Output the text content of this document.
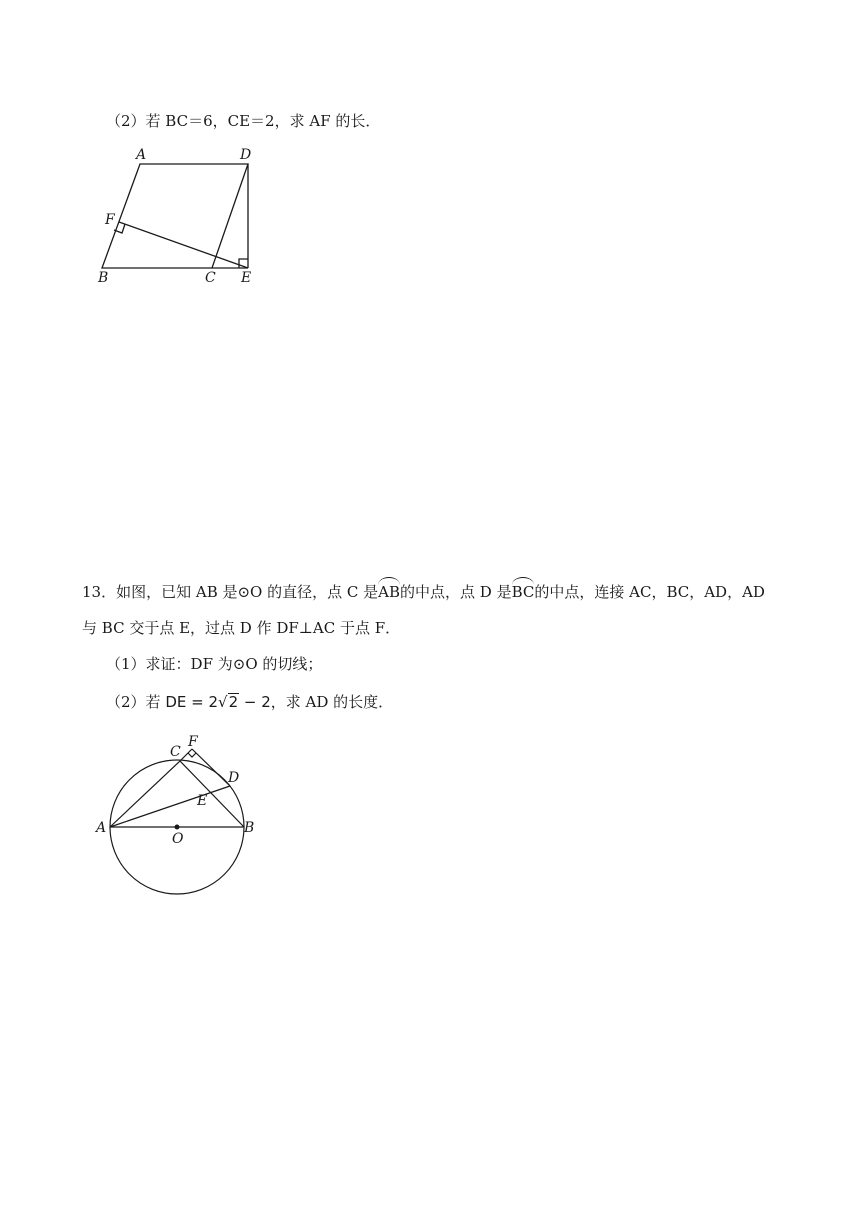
（2）若 BC＝6，CE＝2，求 AF 的长．
A	D
F
B	C E
13．如图，已知 AB 是⊙O 的直径，点 C 是AB的中点，点 D 是BC的中点，连接 AC，BC，AD，AD
与 BC 交于点 E，过点 D 作 DF⊥AC 于点 F．
（1）求证：DF 为⊙O 的切线；
（2）若 DE = 2√2 − 2，求 AD 的长度．
F
C
D
E
A	B
O
